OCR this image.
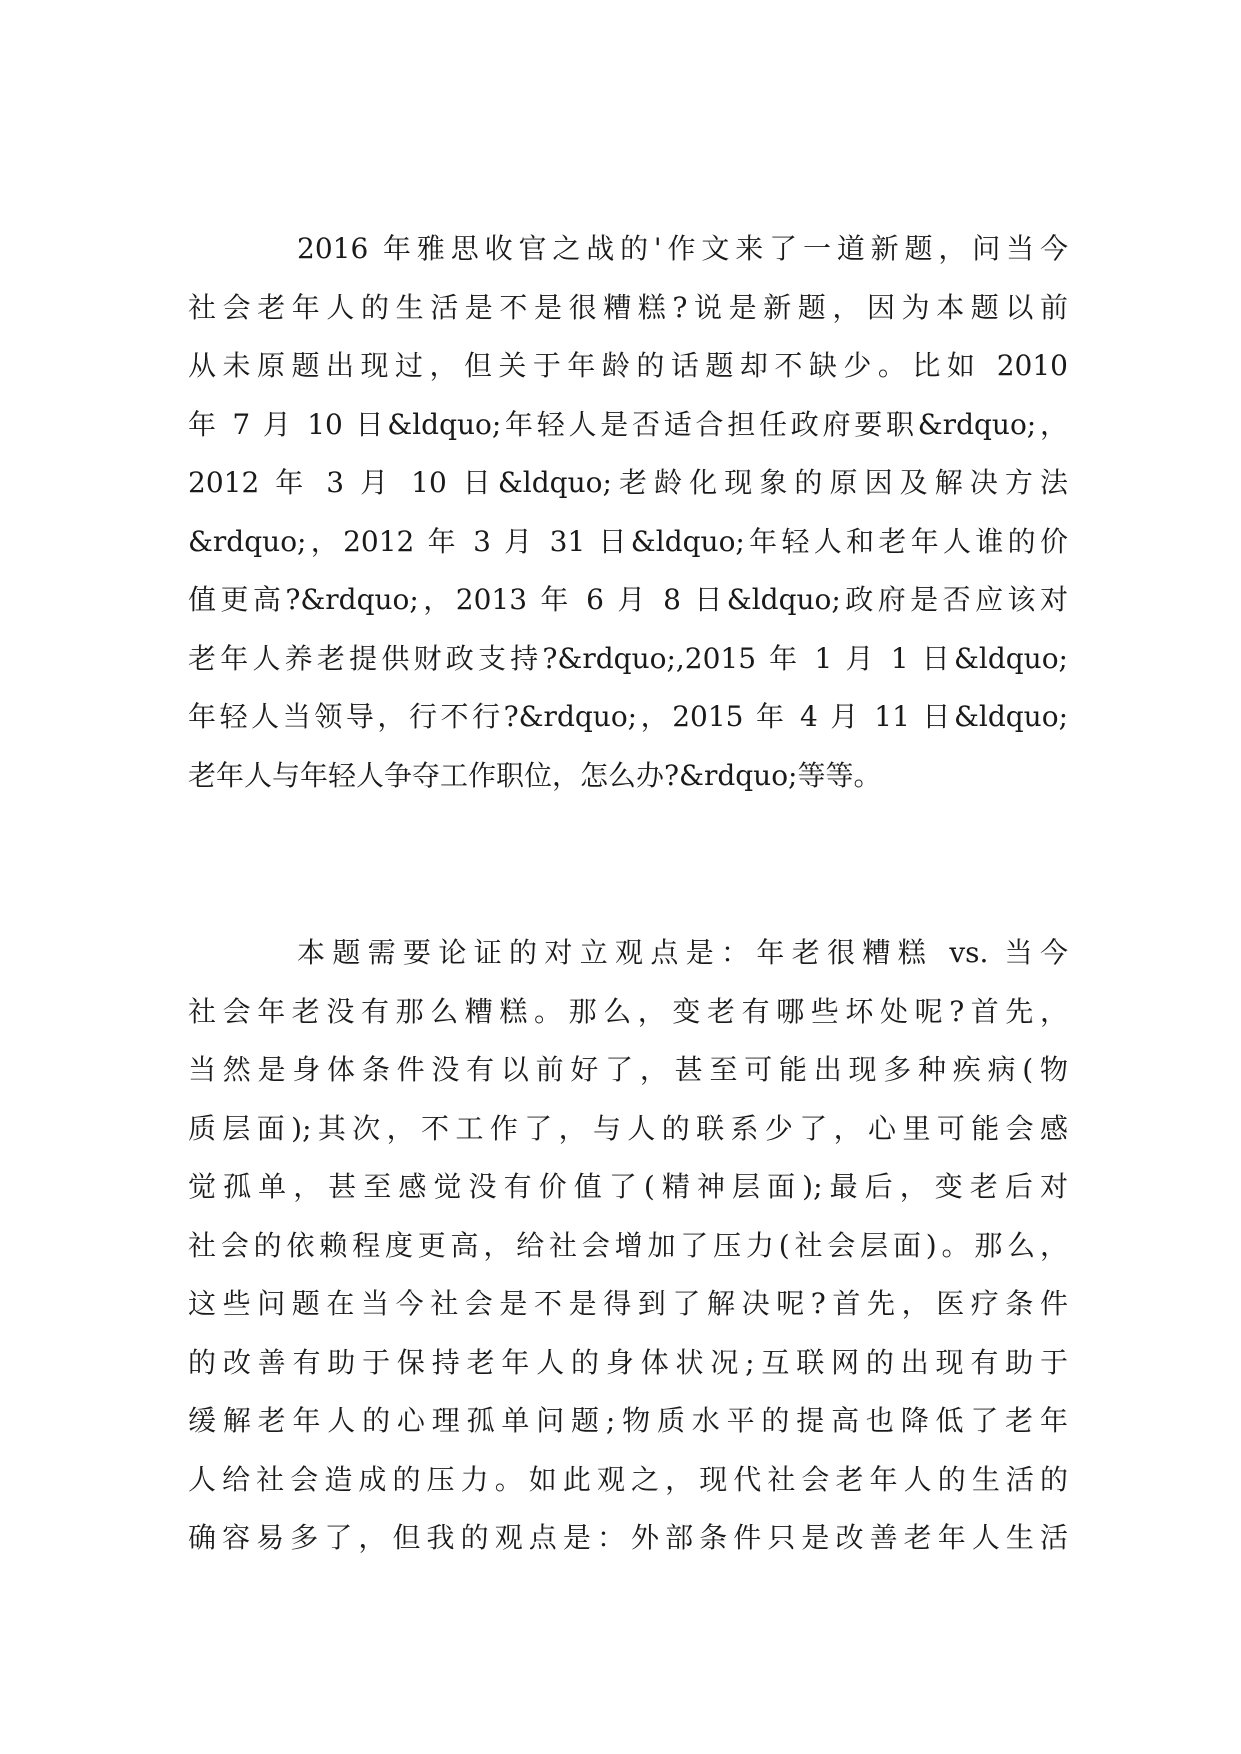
2016 年雅思收官之战的'作文来了一道新题，问当今
社会老年人的生活是不是很糟糕?说是新题，因为本题以前
从未原题出现过，但关于年龄的话题却不缺少。比如 2010
年 7 月 10 日&ldquo;年轻人是否适合担任政府要职&rdquo;，
2012 年 3 月 10 日&ldquo;老龄化现象的原因及解决方法
&rdquo;，2012 年 3 月 31 日&ldquo;年轻人和老年人谁的价
值更高?&rdquo;，2013 年 6 月 8 日&ldquo;政府是否应该对
老年人养老提供财政支持?&rdquo;,2015 年 1 月 1 日&ldquo;
年轻人当领导，行不行?&rdquo;，2015 年 4 月 11 日&ldquo;
老年人与年轻人争夺工作职位，怎么办?&rdquo;等等。
本题需要论证的对立观点是：年老很糟糕 vs. 当今
社会年老没有那么糟糕。那么，变老有哪些坏处呢?首先，
当然是身体条件没有以前好了，甚至可能出现多种疾病(物
质层面);其次，不工作了，与人的联系少了，心里可能会感
觉孤单，甚至感觉没有价值了(精神层面);最后，变老后对
社会的依赖程度更高，给社会增加了压力(社会层面)。那么，
这些问题在当今社会是不是得到了解决呢?首先，医疗条件
的改善有助于保持老年人的身体状况;互联网的出现有助于
缓解老年人的心理孤单问题;物质水平的提高也降低了老年
人给社会造成的压力。如此观之，现代社会老年人的生活的
确容易多了，但我的观点是：外部条件只是改善老年人生活
